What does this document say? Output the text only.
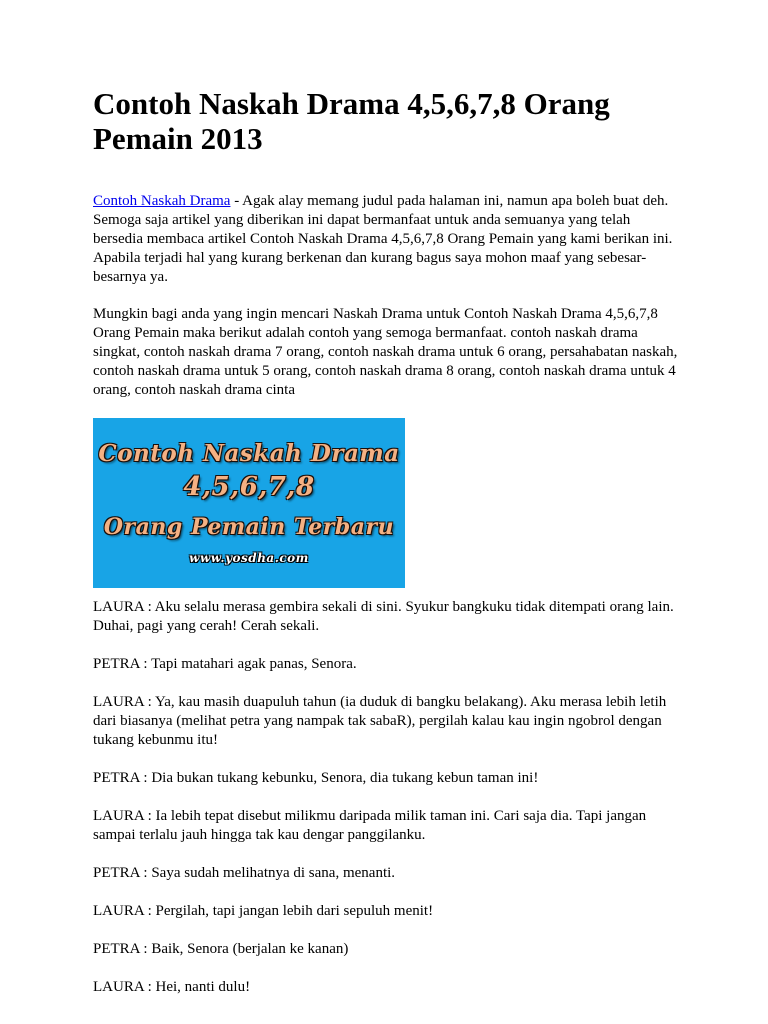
Contoh Naskah Drama 4,5,6,7,8 Orang Pemain 2013

Contoh Naskah Drama - Agak alay memang judul pada halaman ini, namun apa boleh buat deh. Semoga saja artikel yang diberikan ini dapat bermanfaat untuk anda semuanya yang telah bersedia membaca artikel Contoh Naskah Drama 4,5,6,7,8 Orang Pemain yang kami berikan ini. Apabila terjadi hal yang kurang berkenan dan kurang bagus saya mohon maaf yang sebesar-besarnya ya.

Mungkin bagi anda yang ingin mencari Naskah Drama untuk Contoh Naskah Drama 4,5,6,7,8 Orang Pemain maka berikut adalah contoh yang semoga bermanfaat. contoh naskah drama singkat, contoh naskah drama 7 orang, contoh naskah drama untuk 6 orang, persahabatan naskah, contoh naskah drama untuk 5 orang, contoh naskah drama 8 orang, contoh naskah drama untuk 4 orang, contoh naskah drama cinta

Contoh Naskah Drama
4,5,6,7,8
Orang Pemain Terbaru
www.yosdha.com

LAURA : Aku selalu merasa gembira sekali di sini. Syukur bangkuku tidak ditempati orang lain. Duhai, pagi yang cerah! Cerah sekali.

PETRA : Tapi matahari agak panas, Senora.

LAURA : Ya, kau masih duapuluh tahun (ia duduk di bangku belakang). Aku merasa lebih letih dari biasanya (melihat petra yang nampak tak sabaR), pergilah kalau kau ingin ngobrol dengan tukang kebunmu itu!

PETRA : Dia bukan tukang kebunku, Senora, dia tukang kebun taman ini!

LAURA : Ia lebih tepat disebut milikmu daripada milik taman ini. Cari saja dia. Tapi jangan sampai terlalu jauh hingga tak kau dengar panggilanku.

PETRA : Saya sudah melihatnya di sana, menanti.

LAURA : Pergilah, tapi jangan lebih dari sepuluh menit!

PETRA : Baik, Senora (berjalan ke kanan)

LAURA : Hei, nanti dulu!
